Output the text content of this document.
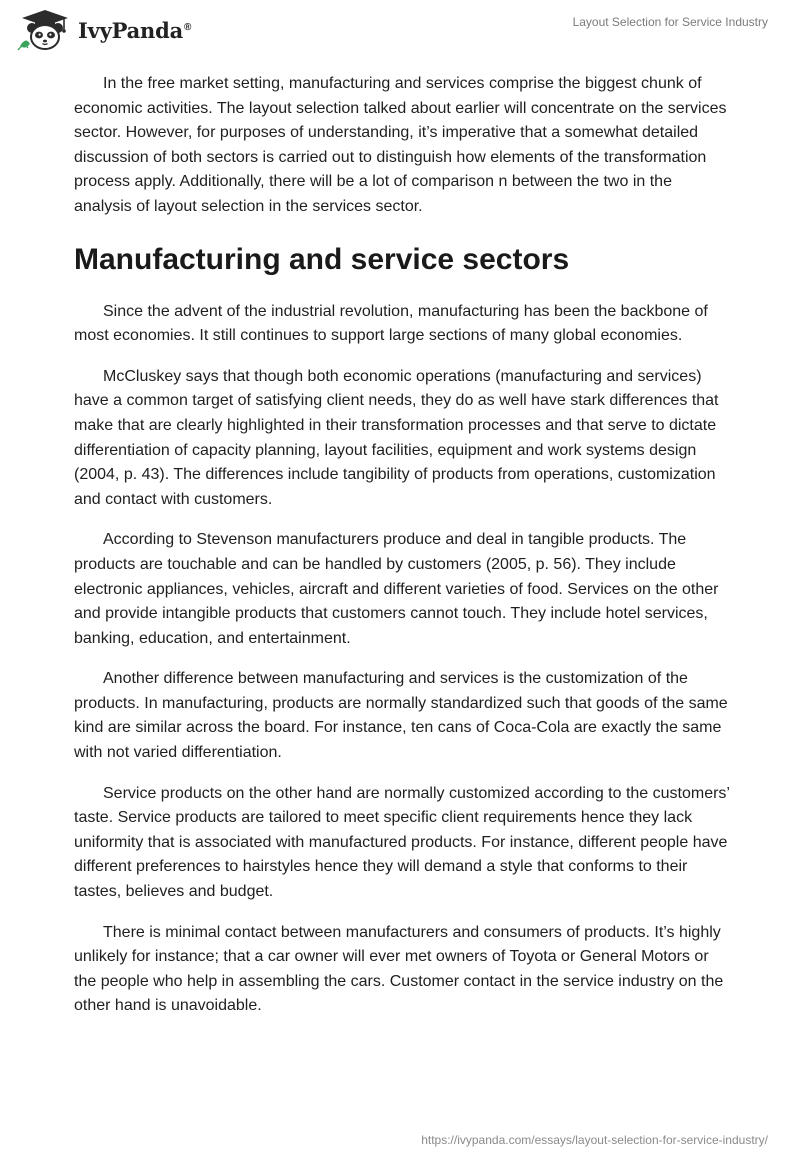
IvyPanda®	Layout Selection for Service Industry

In the free market setting, manufacturing and services comprise the biggest chunk of economic activities. The layout selection talked about earlier will concentrate on the services sector. However, for purposes of understanding, it’s imperative that a somewhat detailed discussion of both sectors is carried out to distinguish how elements of the transformation process apply. Additionally, there will be a lot of comparison n between the two in the analysis of layout selection in the services sector.

Manufacturing and service sectors

Since the advent of the industrial revolution, manufacturing has been the backbone of most economies. It still continues to support large sections of many global economies.

McCluskey says that though both economic operations (manufacturing and services) have a common target of satisfying client needs, they do as well have stark differences that make that are clearly highlighted in their transformation processes and that serve to dictate differentiation of capacity planning, layout facilities, equipment and work systems design (2004, p. 43). The differences include tangibility of products from operations, customization and contact with customers.

According to Stevenson manufacturers produce and deal in tangible products. The products are touchable and can be handled by customers (2005, p. 56). They include electronic appliances, vehicles, aircraft and different varieties of food. Services on the other and provide intangible products that customers cannot touch. They include hotel services, banking, education, and entertainment.

Another difference between manufacturing and services is the customization of the products. In manufacturing, products are normally standardized such that goods of the same kind are similar across the board. For instance, ten cans of Coca-Cola are exactly the same with not varied differentiation.

Service products on the other hand are normally customized according to the customers’ taste. Service products are tailored to meet specific client requirements hence they lack uniformity that is associated with manufactured products. For instance, different people have different preferences to hairstyles hence they will demand a style that conforms to their tastes, believes and budget.

There is minimal contact between manufacturers and consumers of products. It’s highly unlikely for instance; that a car owner will ever met owners of Toyota or General Motors or the people who help in assembling the cars. Customer contact in the service industry on the other hand is unavoidable.

https://ivypanda.com/essays/layout-selection-for-service-industry/
